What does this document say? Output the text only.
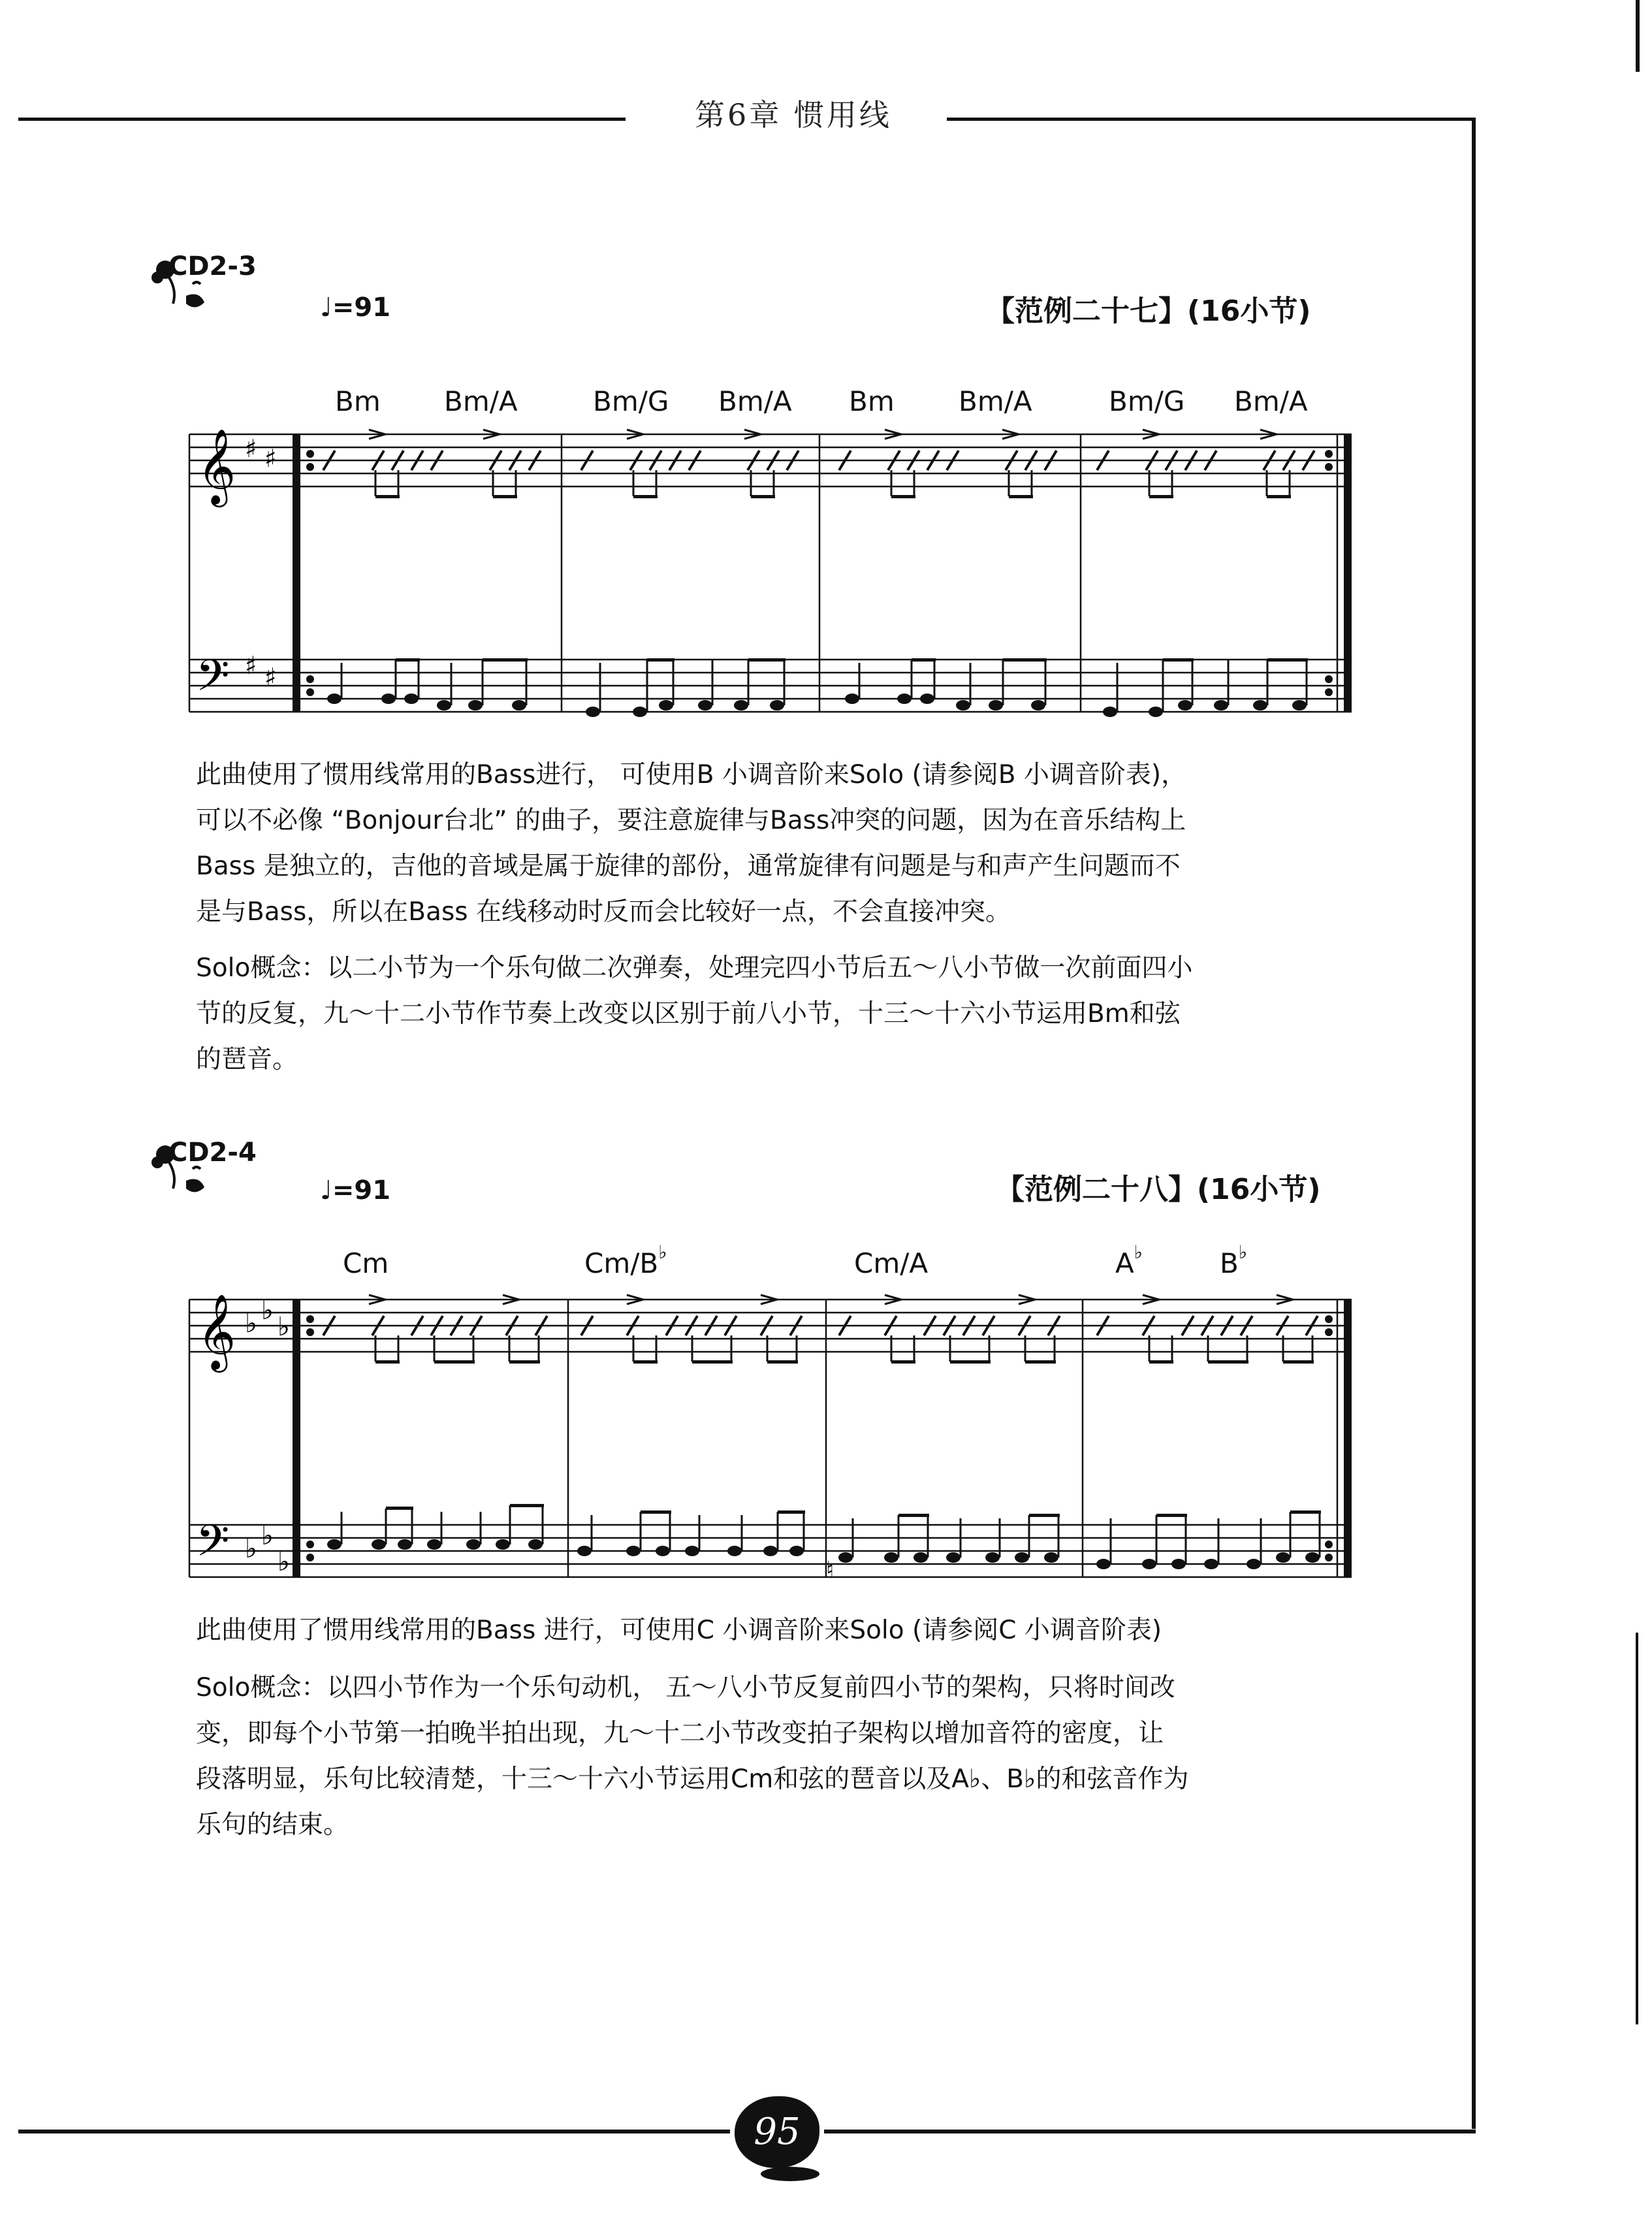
第6章 惯用线
CD2-3
♩=91	【范例二十七】(16小节)
Bm Bm/A	Bm/G Bm/A Bm Bm/A	Bm/G Bm/A
𝄞
𝄢
♯ ♯
♯ ♯
此曲使用了惯用线常用的Bass进行， 可使用B 小调音阶来Solo (请参阅B 小调音阶表)，
可以不必像 “Bonjour台北” 的曲子，要注意旋律与Bass冲突的问题，因为在音乐结构上
Bass 是独立的，吉他的音域是属于旋律的部份，通常旋律有问题是与和声产生问题而不
是与Bass，所以在Bass 在线移动时反而会比较好一点，不会直接冲突。
Solo概念：以二小节为一个乐句做二次弹奏，处理完四小节后五～八小节做一次前面四小
节的反复，九～十二小节作节奏上改变以区别于前八小节，十三～十六小节运用Bm和弦
的琶音。
CD2-4
♩=91	【范例二十八】(16小节)
Cm	Cm/B♭	Cm/A	A♭	B♭
𝄞
𝄢
♭ ♭
♭
♭ ♭
♭	♮
此曲使用了惯用线常用的Bass 进行，可使用C 小调音阶来Solo (请参阅C 小调音阶表)
Solo概念：以四小节作为一个乐句动机， 五～八小节反复前四小节的架构，只将时间改
变，即每个小节第一拍晚半拍出现，九～十二小节改变拍子架构以增加音符的密度，让
段落明显，乐句比较清楚，十三～十六小节运用Cm和弦的琶音以及A♭、B♭的和弦音作为
乐句的结束。
95
